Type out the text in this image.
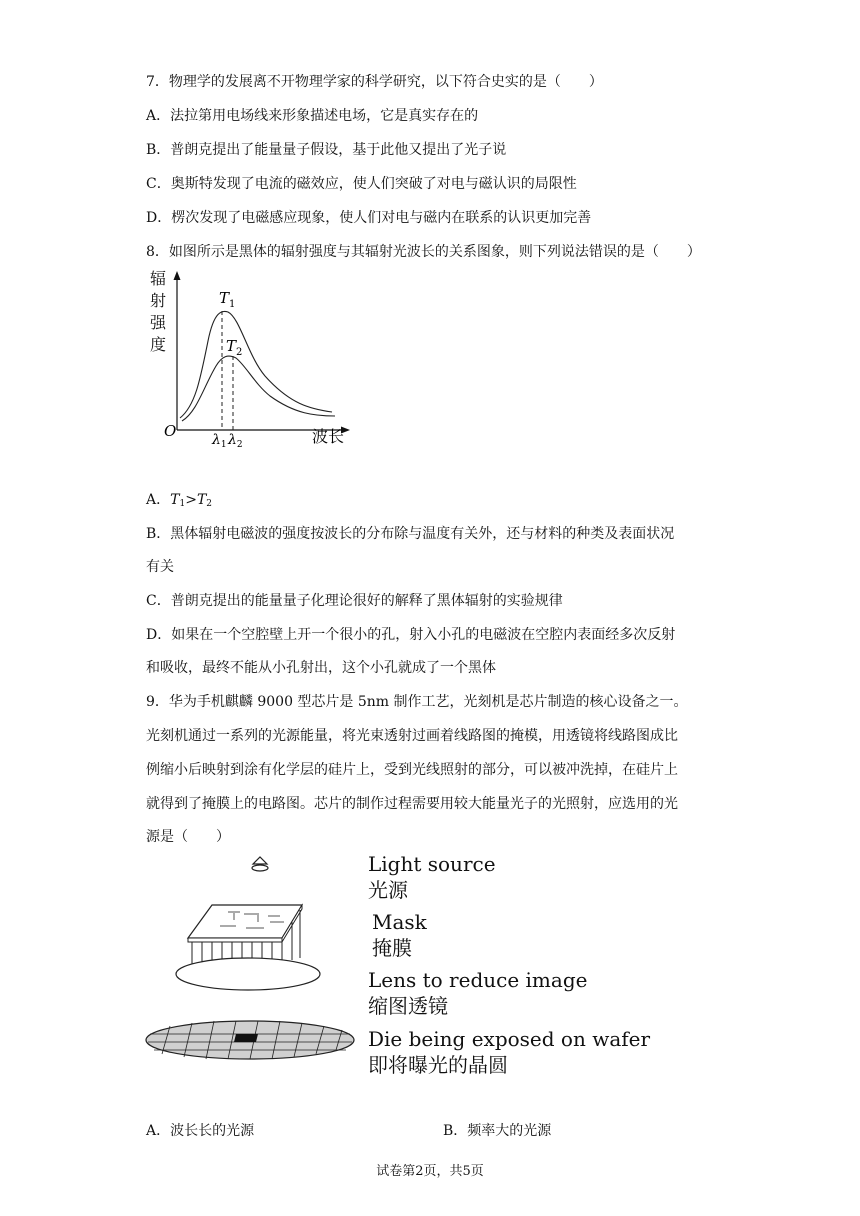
7．物理学的发展离不开物理学家的科学研究，以下符合史实的是（　　）
A．法拉第用电场线来形象描述电场，它是真实存在的
B．普朗克提出了能量量子假设，基于此他又提出了光子说
C．奥斯特发现了电流的磁效应，使人们突破了对电与磁认识的局限性
D．楞次发现了电磁感应现象，使人们对电与磁内在联系的认识更加完善
8．如图所示是黑体的辐射强度与其辐射光波长的关系图象，则下列说法错误的是（　　）
辐
射
强
度
O	波长
$T_1$
$T_2$
$\lambda_1$ $\lambda_2$
A．$T_1>T_2$
B．黑体辐射电磁波的强度按波长的分布除与温度有关外，还与材料的种类及表面状况
有关
C．普朗克提出的能量量子化理论很好的解释了黑体辐射的实验规律
D．如果在一个空腔壁上开一个很小的孔，射入小孔的电磁波在空腔内表面经多次反射
和吸收，最终不能从小孔射出，这个小孔就成了一个黑体
9．华为手机麒麟 9000 型芯片是 5nm 制作工艺，光刻机是芯片制造的核心设备之一。
光刻机通过一系列的光源能量，将光束透射过画着线路图的掩模，用透镜将线路图成比
例缩小后映射到涂有化学层的硅片上，受到光线照射的部分，可以被冲洗掉，在硅片上
就得到了掩膜上的电路图。芯片的制作过程需要用较大能量光子的光照射，应选用的光
源是（　　）
Light source
光源
Mask
掩膜
Lens to reduce image
缩图透镜
Die being exposed on wafer
即将曝光的晶圆
A．波长长的光源	B．频率大的光源
试卷第2页，共5页
